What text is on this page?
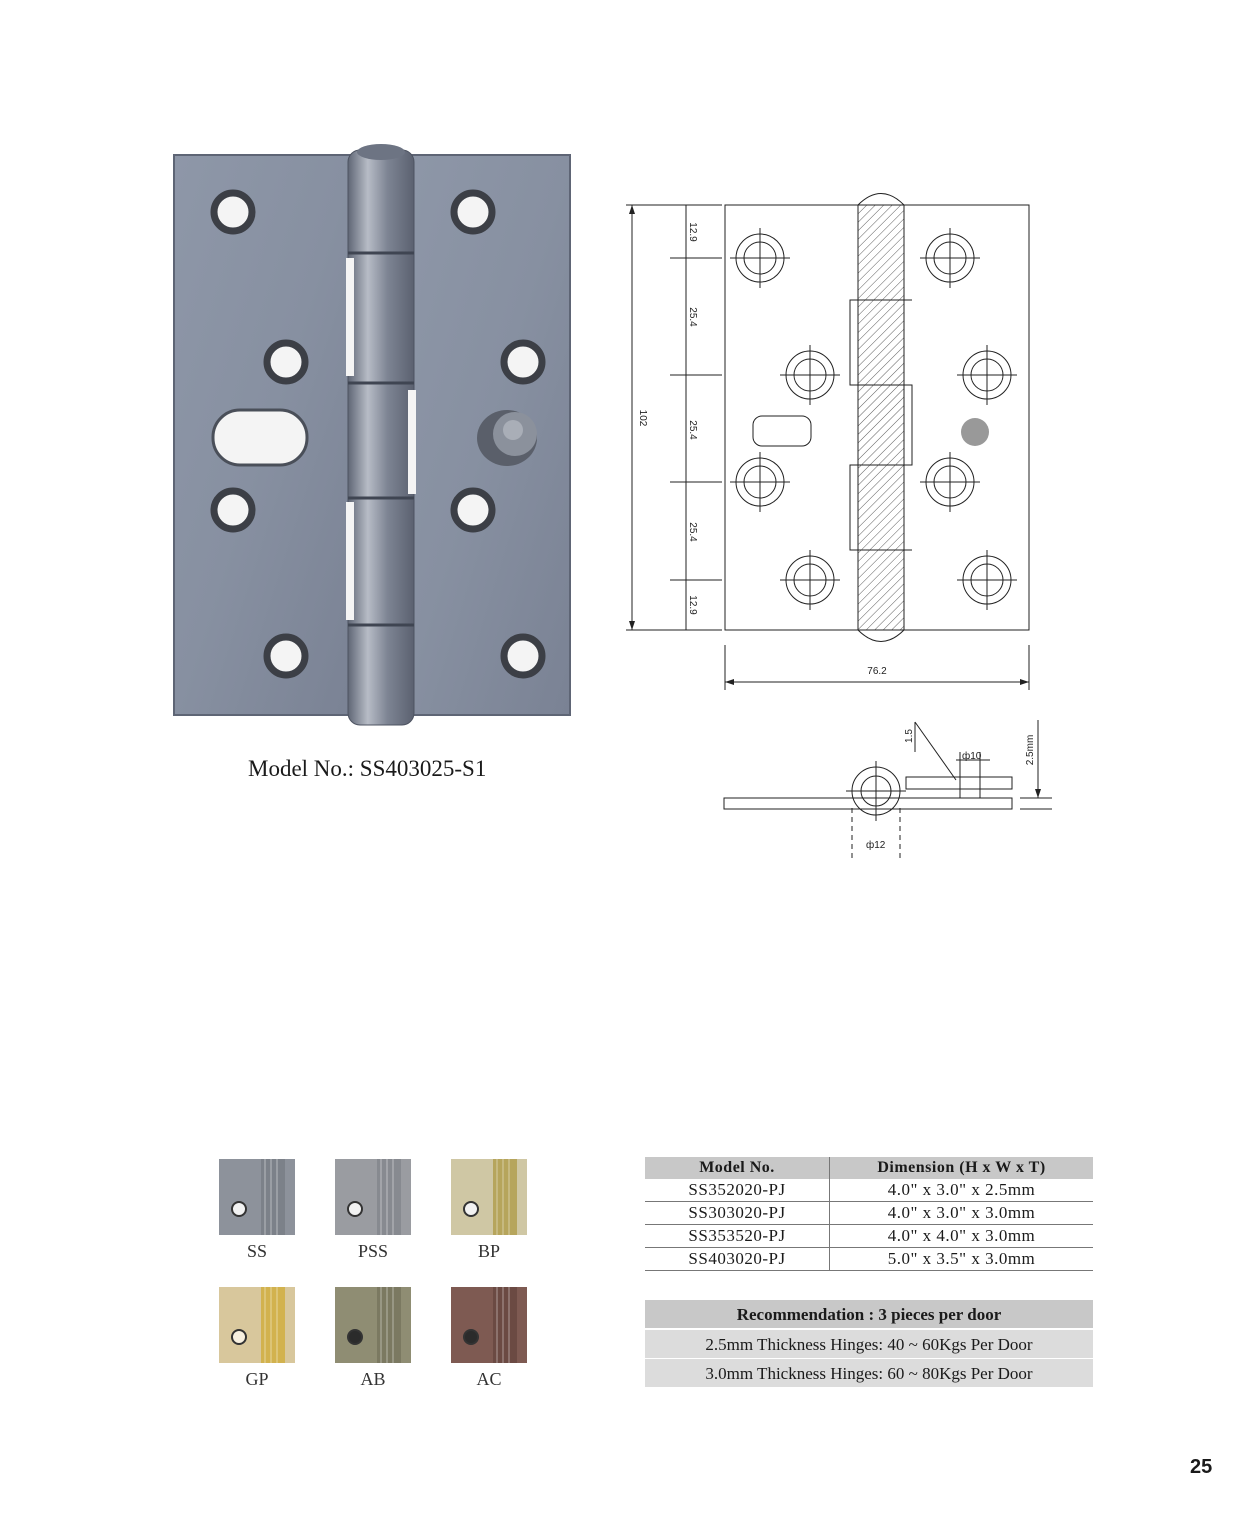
Model No.: SS403025-S1
102
12.9
25.4
25.4
25.4
12.9
76.2
1.5
ф10	2.5mm
ф12
SS	PSS	BP
GP	AB	AC
Model No.	Dimension (H x W x T)
SS352020-PJ	4.0" x 3.0" x 2.5mm
SS303020-PJ	4.0" x 3.0" x 3.0mm
SS353520-PJ	4.0" x 4.0" x 3.0mm
SS403020-PJ	5.0" x 3.5" x 3.0mm
Recommendation : 3 pieces per door
2.5mm Thickness Hinges: 40 ~ 60Kgs Per Door
3.0mm Thickness Hinges: 60 ~ 80Kgs Per Door
25
